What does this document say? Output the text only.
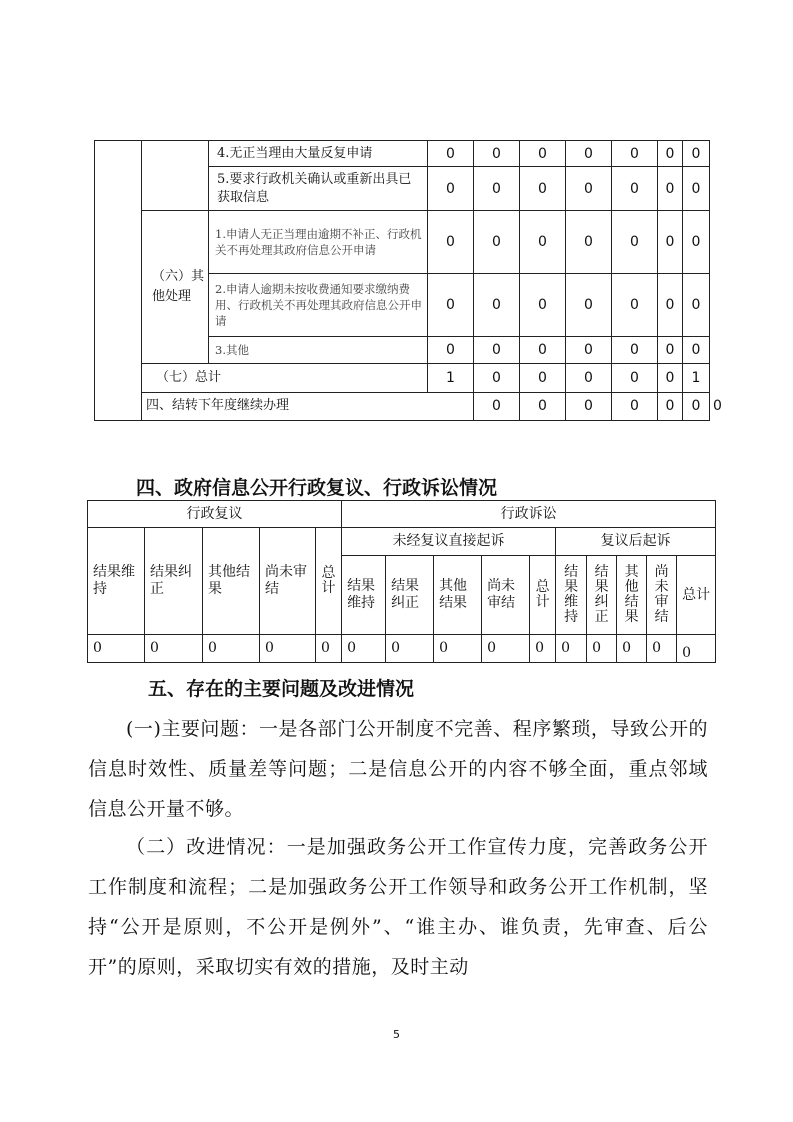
		4.无正当理由大量反复申请	0	0	0	0	0	0	0	
		5.要求行政机关确认或重新出具已获取信息	0	0	0	0	0	0	0	
	（六）其他处理	1.申请人无正当理由逾期不补正、行政机关不再处理其政府信息公开申请	0	0	0	0	0	0	0	
		2.申请人逾期未按收费通知要求缴纳费用、行政机关不再处理其政府信息公开申请	0	0	0	0	0	0	0	
		3.其他	0	0	0	0	0	0	0	
	（七）总计		1	0	0	0	0	0	1	
	四、结转下年度继续办理			0	0	0	0	0	0	0
四、政府信息公开行政复议、行政诉讼情况
行政复议					行政诉讼									
结果维持	结果纠正	其他结果	尚未审结	总计	未经复议直接起诉					复议后起诉				
					结果维持	结果纠正	其他结果	尚未审结	总计	结果维持	结果纠正	其他结果	尚未审结	总计
0	0	0	0	0	0	0	0	0	0	0	0	0	0	0
五、存在的主要问题及改进情况

(一)主要问题：一是各部门公开制度不完善、程序繁琐，导致公开的信息时效性、质量差等问题；二是信息公开的内容不够全面，重点邻域信息公开量不够。

（二）改进情况：一是加强政务公开工作宣传力度，完善政务公开工作制度和流程；二是加强政务公开工作领导和政务公开工作机制，坚持“公开是原则，不公开是例外”、“谁主办、谁负责，先审查、后公开”的原则，采取切实有效的措施，及时主动

5
